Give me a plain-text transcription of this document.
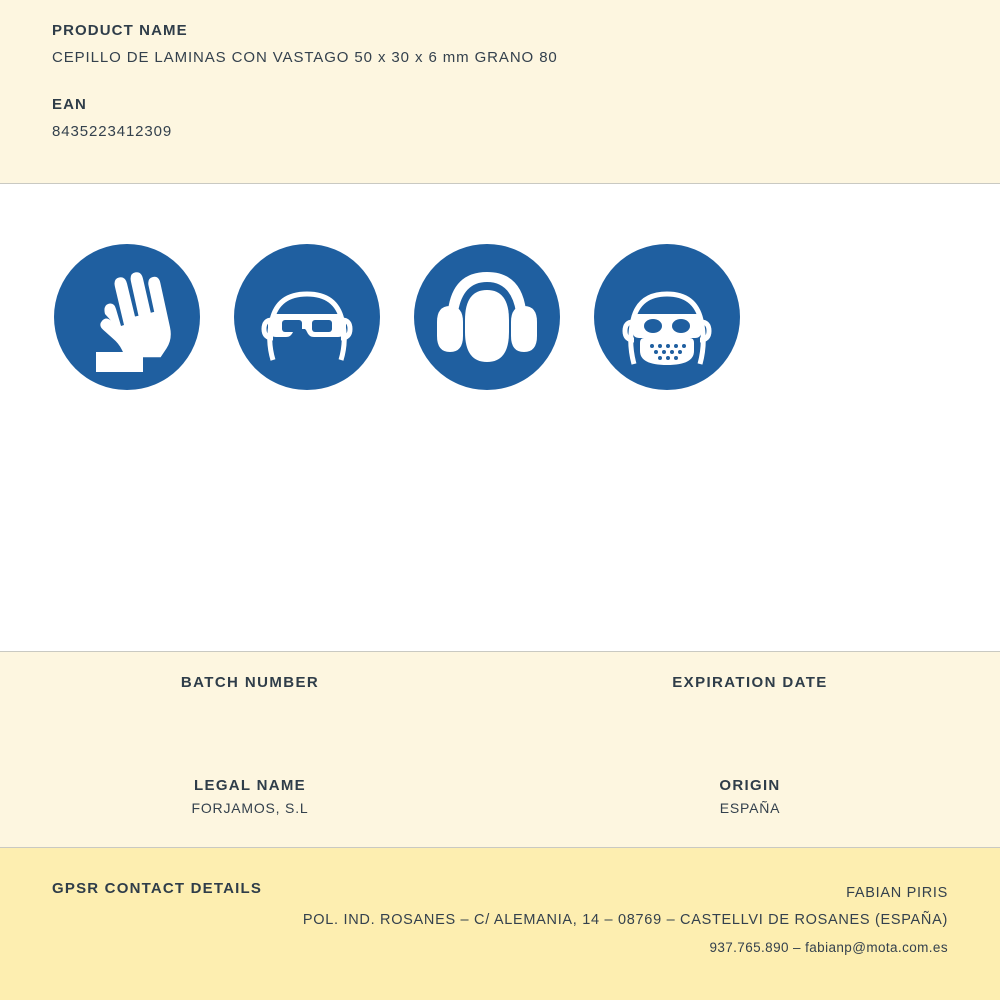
PRODUCT NAME

CEPILLO DE LAMINAS CON VASTAGO 50 x 30 x 6 mm GRANO 80

EAN

8435223412309

BATCH NUMBER	EXPIRATION DATE

LEGAL NAME

FORJAMOS, S.L

ORIGIN

ESPAÑA

GPSR CONTACT DETAILS	FABIAN PIRIS
POL. IND. ROSANES – C/ ALEMANIA, 14 – 08769 – CASTELLVI DE ROSANES (ESPAÑA)
937.765.890 – fabianp@mota.com.es
